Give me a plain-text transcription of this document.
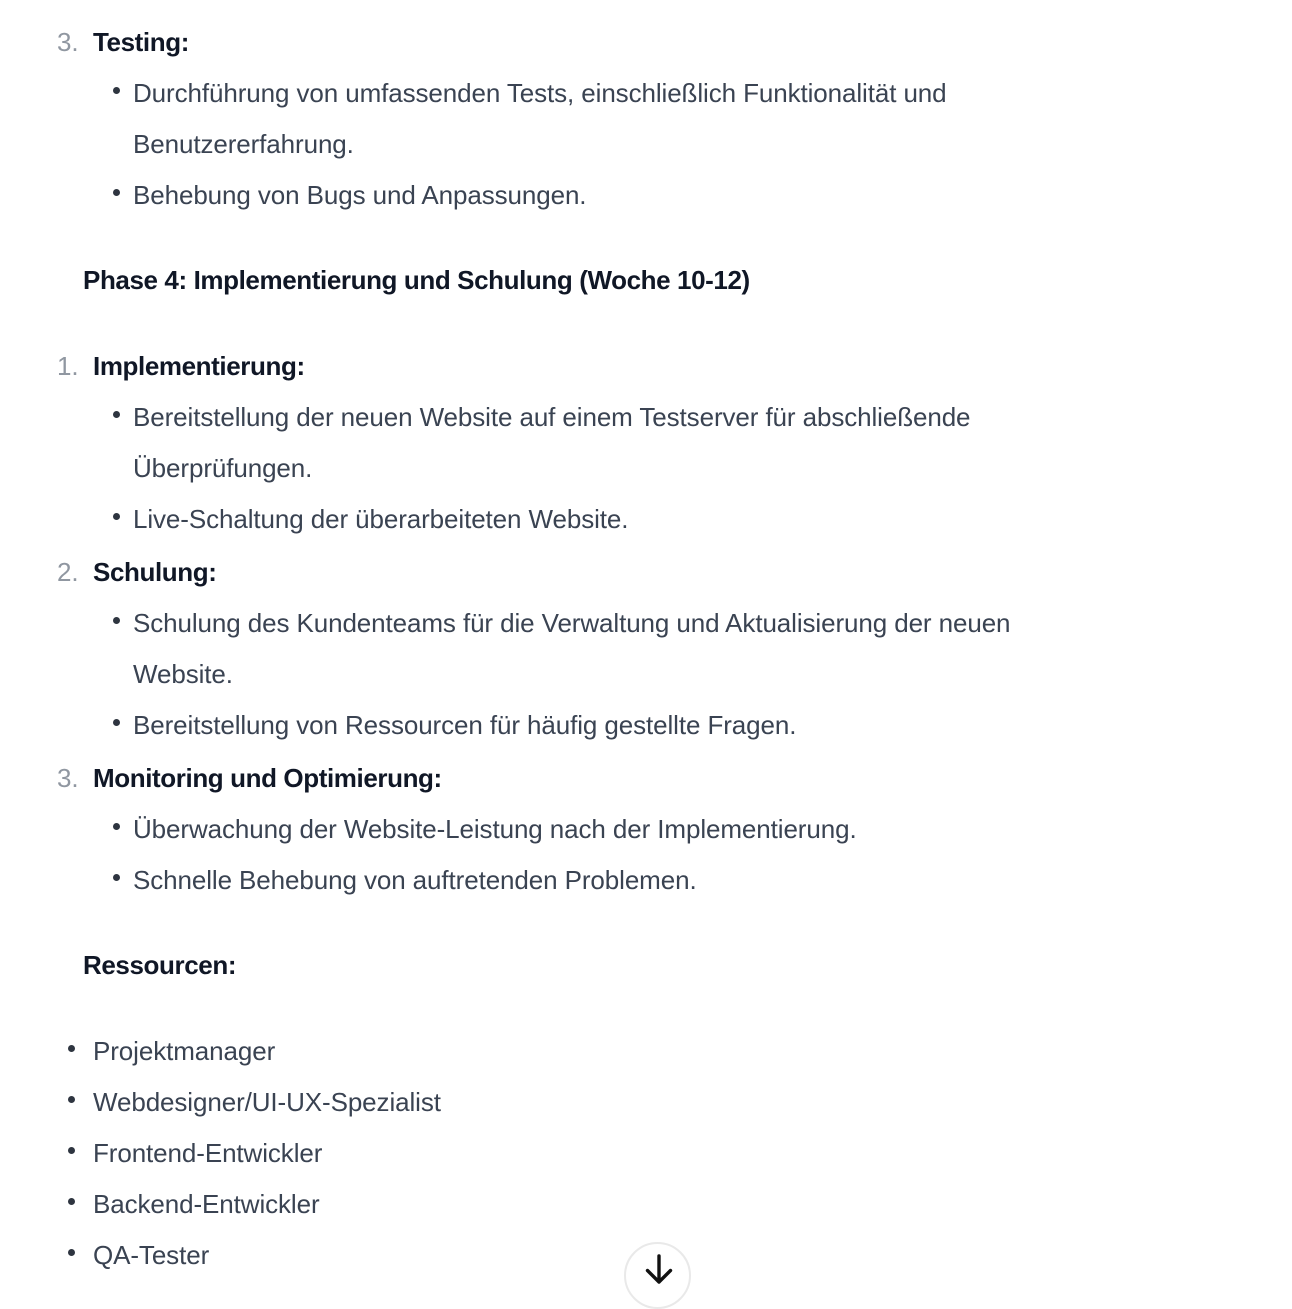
3. Testing:
Durchführung von umfassenden Tests, einschließlich Funktionalität und Benutzererfahrung.
Behebung von Bugs und Anpassungen.
Phase 4: Implementierung und Schulung (Woche 10-12)
1. Implementierung:
Bereitstellung der neuen Website auf einem Testserver für abschließende Überprüfungen.
Live-Schaltung der überarbeiteten Website.
2. Schulung:
Schulung des Kundenteams für die Verwaltung und Aktualisierung der neuen Website.
Bereitstellung von Ressourcen für häufig gestellte Fragen.
3. Monitoring und Optimierung:
Überwachung der Website-Leistung nach der Implementierung.
Schnelle Behebung von auftretenden Problemen.
Ressourcen:
Projektmanager
Webdesigner/UI-UX-Spezialist
Frontend-Entwickler
Backend-Entwickler
QA-Tester
